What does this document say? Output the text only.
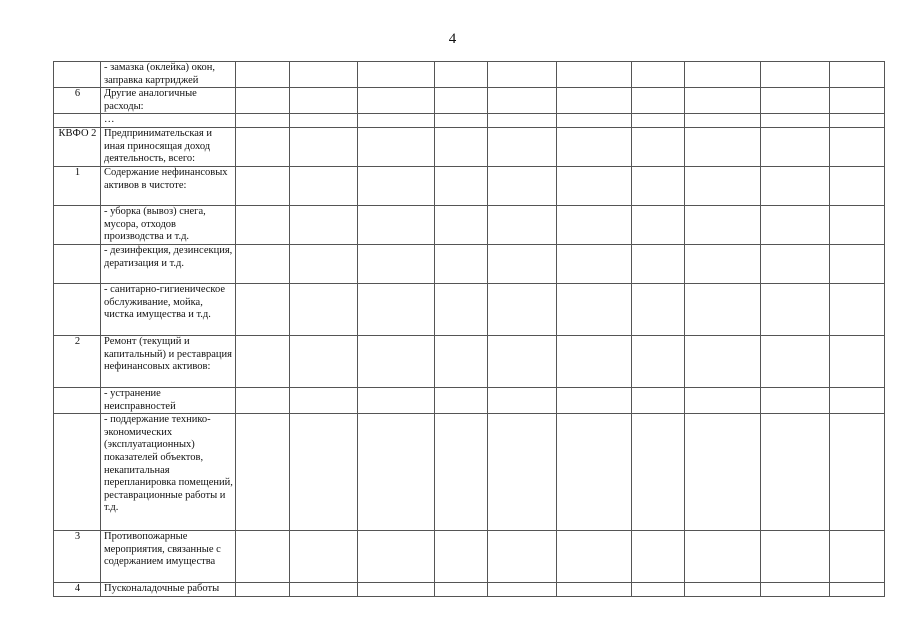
4
	- замазка (оклейка) окон, заправка картриджей										
6	Другие аналогичные расходы:										
	…										
КВФО 2	Предпринимательская и иная приносящая доход деятельность, всего:										
1	Содержание нефинансовых активов в чистоте:										
	- уборка (вывоз) снега, мусора, отходов производства и т.д.										
	- дезинфекция, дезинсекция, дератизация и т.д.										
	- санитарно-гигиеническое обслуживание, мойка, чистка имущества и т.д.										
2	Ремонт (текущий и капитальный) и реставрация нефинансовых активов:										
	- устранение неисправностей										
	- поддержание технико-экономических (эксплуатационных) показателей объектов, некапитальная перепланировка помещений, реставрационные работы и т.д.										
3	Противопожарные мероприятия, связанные с содержанием имущества										
4	Пусконаладочные работы										
